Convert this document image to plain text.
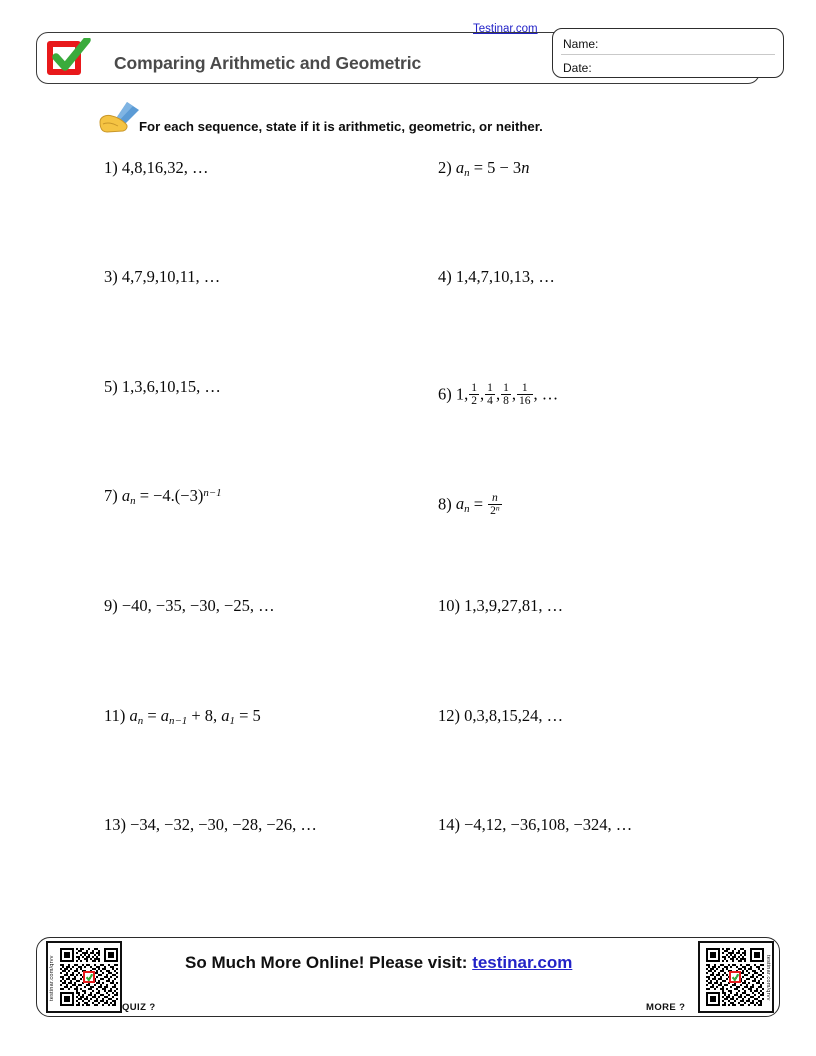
Comparing Arithmetic and Geometric
Testinar.com
Name:
Date:
For each sequence, state if it is arithmetic, geometric, or neither.
1) 4,8,16,32, …
3) 4,7,9,10,11, …
5) 1,3,6,10,15, …
7) $a_n = -4.(-3)^{n-1}$
9) −40, −35, −30, −25, …
11) $a_n = a_{n-1} + 8$, $a_1 = 5$
13) −34, −32, −30, −28, −26, …
2) $a_n = 5 - 3n$
4) 1,4,7,10,13, …
6) 1, $\frac{1}{2}$ , $\frac{1}{4}$ , $\frac{1}{8}$ , $\frac{1}{16}$ , …
8) $a_n = \frac{n}{2^n}$
10) 1,3,9,27,81, …
12) 0,3,8,15,24, …
14) −4,12, −36,108, −324, …
So Much More Online! Please visit: testinar.com
testinar.com/qrvv
QUIZ ?
testinar.com/qrvv
MORE ?
